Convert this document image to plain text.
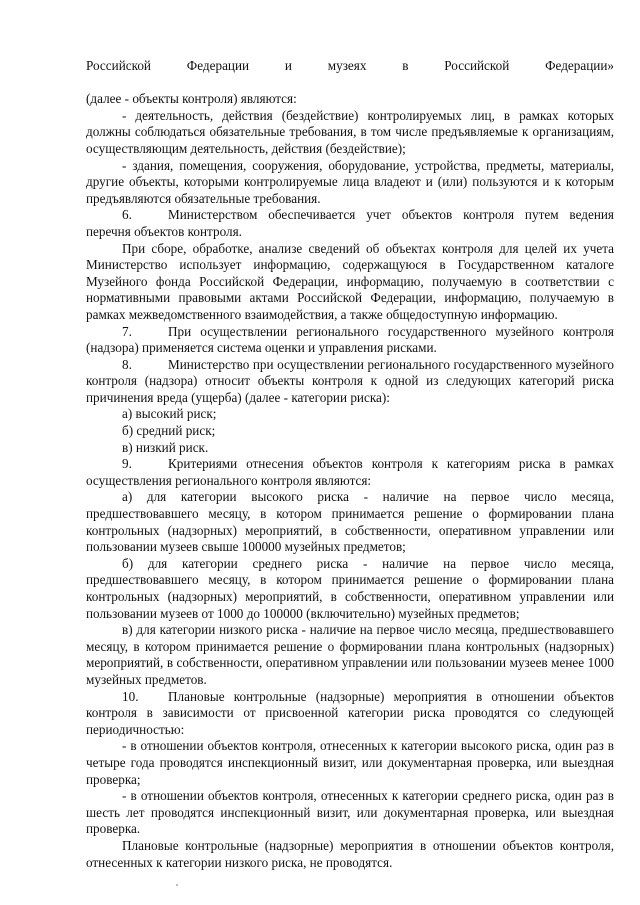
Российской Федерации и музеях в Российской Федерации»

(далее - объекты контроля) являются:

- деятельность, действия (бездействие) контролируемых лиц, в рамках которых должны соблюдаться обязательные требования, в том числе предъявляемые к организациям, осуществляющим деятельность, действия (бездействие);

- здания, помещения, сооружения, оборудование, устройства, предметы, материалы, другие объекты, которыми контролируемые лица владеют и (или) пользуются и к которым предъявляются обязательные требования.

6.	Министерством обеспечивается учет объектов контроля путем ведения перечня объектов контроля.

При сборе, обработке, анализе сведений об объектах контроля для целей их учета Министерство использует информацию, содержащуюся в Государственном каталоге Музейного фонда Российской Федерации, информацию, получаемую в соответствии с нормативными правовыми актами Российской Федерации, информацию, получаемую в рамках межведомственного взаимодействия, а также общедоступную информацию.

7.	При осуществлении регионального государственного музейного контроля (надзора) применяется система оценки и управления рисками.

8.	Министерство при осуществлении регионального государственного музейного контроля (надзора) относит объекты контроля к одной из следующих категорий риска причинения вреда (ущерба) (далее - категории риска):

а) высокий риск;

б) средний риск;

в) низкий риск.

9.	Критериями отнесения объектов контроля к категориям риска в рамках осуществления регионального контроля являются:

а) для категории высокого риска - наличие на первое число месяца, предшествовавшего месяцу, в котором принимается решение о формировании плана контрольных (надзорных) мероприятий, в собственности, оперативном управлении или пользовании музеев свыше 100000 музейных предметов;

б) для категории среднего риска - наличие на первое число месяца, предшествовавшего месяцу, в котором принимается решение о формировании плана контрольных (надзорных) мероприятий, в собственности, оперативном управлении или пользовании музеев от 1000 до 100000 (включительно) музейных предметов;

в) для категории низкого риска - наличие на первое число месяца, предшествовавшего месяцу, в котором принимается решение о формировании плана контрольных (надзорных) мероприятий, в собственности, оперативном управлении или пользовании музеев менее 1000 музейных предметов.

10. Плановые контрольные (надзорные) мероприятия в отношении объектов контроля в зависимости от присвоенной категории риска проводятся со следующей периодичностью:

- в отношении объектов контроля, отнесенных к категории высокого риска, один раз в четыре года проводятся инспекционный визит, или документарная проверка, или выездная проверка;

- в отношении объектов контроля, отнесенных к категории среднего риска, один раз в шесть лет проводятся инспекционный визит, или документарная проверка, или выездная проверка.

Плановые контрольные (надзорные) мероприятия в отношении объектов контроля, отнесенных к категории низкого риска, не проводятся.
